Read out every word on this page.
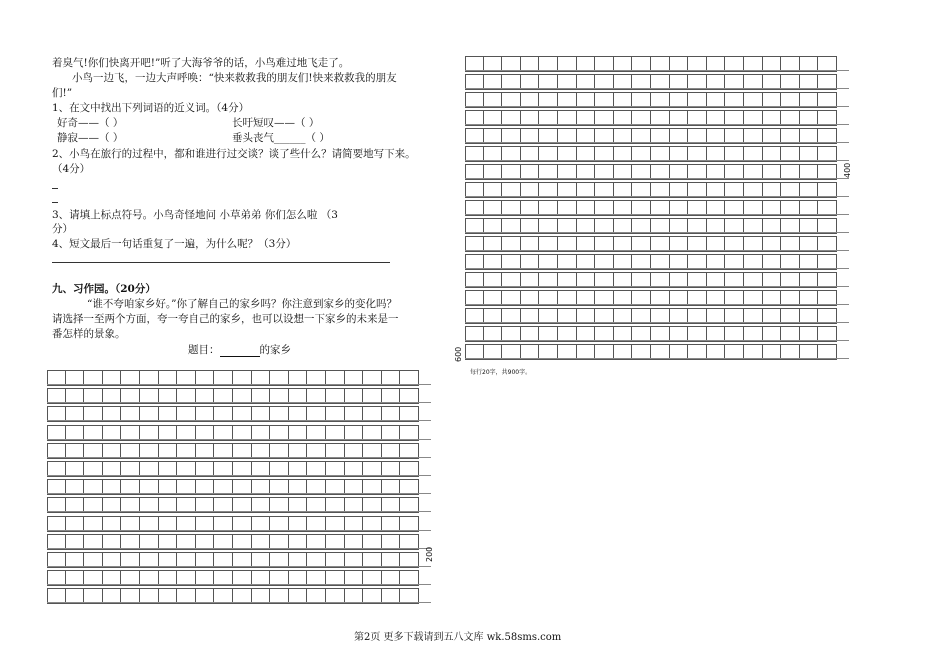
着臭气!你们快离开吧!”听了大海爷爷的话，小鸟难过地飞走了。
小鸟一边飞，一边大声呼唤：“快来救救我的朋友们!快来救救我的朋友
们!”
1、在文中找出下列词语的近义词。（4分）
好奇——（ ）	长吁短叹——（ ）
静寂——（ ）	垂头丧气______（ ）
2、小鸟在旅行的过程中，都和谁进行过交谈？谈了些什么？请简要地写下来。
（4分）
3、请填上标点符号。小鸟奇怪地问 小草弟弟 你们怎么啦 （3
分）
4、短文最后一句话重复了一遍，为什么呢？（3分）
九、习作园。（20分）
“谁不夸咱家乡好。”你了解自己的家乡吗？你注意到家乡的变化吗？
请选择一至两个方面，夸一夸自己的家乡，也可以设想一下家乡的未来是一
番怎样的景象。
题目：	的家乡
200
400
600
每行20字，共900字。
第2页 更多下载请到五八文库 wk.58sms.com
